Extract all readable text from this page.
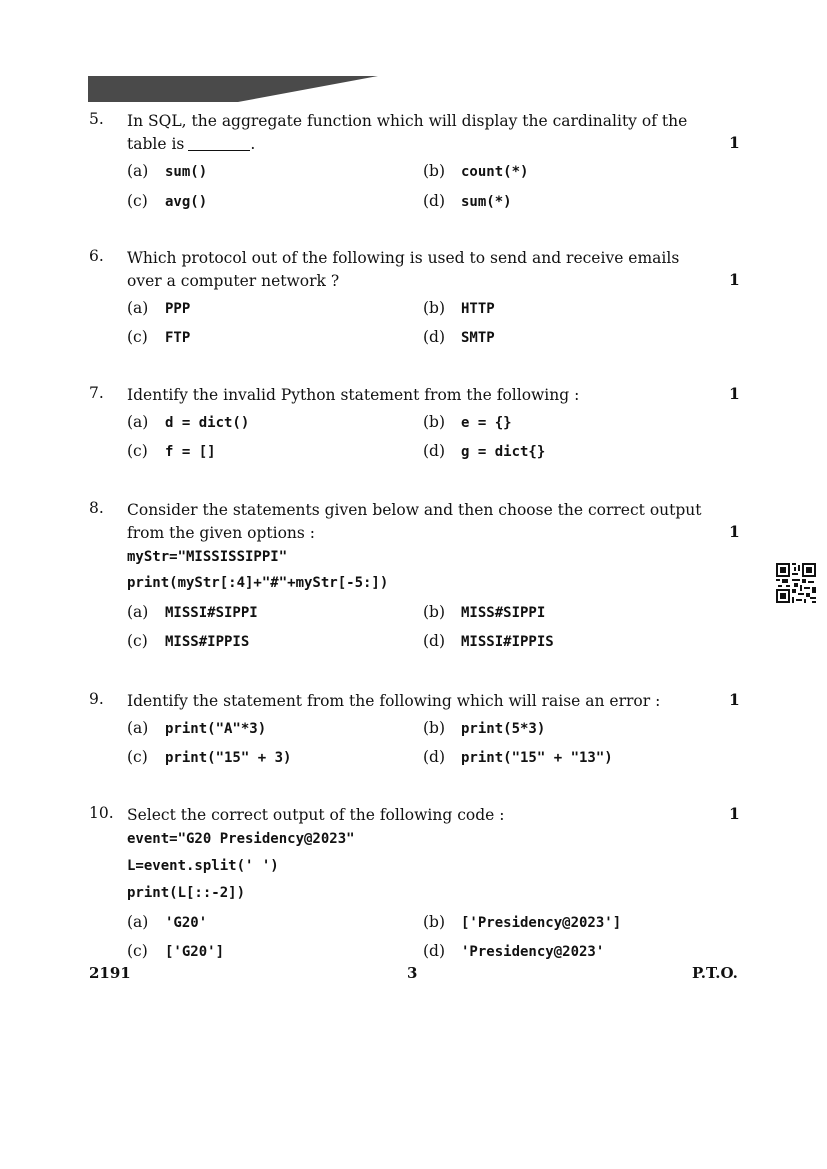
5. In SQL, the aggregate function which will display the cardinality of the table is	.	1
(a) sum()	(b) count(*)
(c) avg()	(d) sum(*)
6. Which protocol out of the following is used to send and receive emails over a computer network ?	1
(a) PPP	(b) HTTP
(c) FTP	(d) SMTP
7. Identify the invalid Python statement from the following :	1
(a) d = dict()	(b) e = {}
(c) f = []	(d) g = dict{}
8. Consider the statements given below and then choose the correct output from the given options :	1
myStr="MISSISSIPPI"
print(myStr[:4]+"#"+myStr[-5:])
(a) MISSI#SIPPI	(b) MISS#SIPPI
(c) MISS#IPPIS	(d) MISSI#IPPIS
9. Identify the statement from the following which will raise an error :	1
(a) print("A"*3)	(b) print(5*3)
(c) print("15" + 3)	(d) print("15" + "13")
10. Select the correct output of the following code :	1
event="G20 Presidency@2023"
L=event.split(' ')
print(L[::-2])
(a) 'G20'	(b) ['Presidency@2023']
(c) ['G20']	(d) 'Presidency@2023'
2191	3	P.T.O.
